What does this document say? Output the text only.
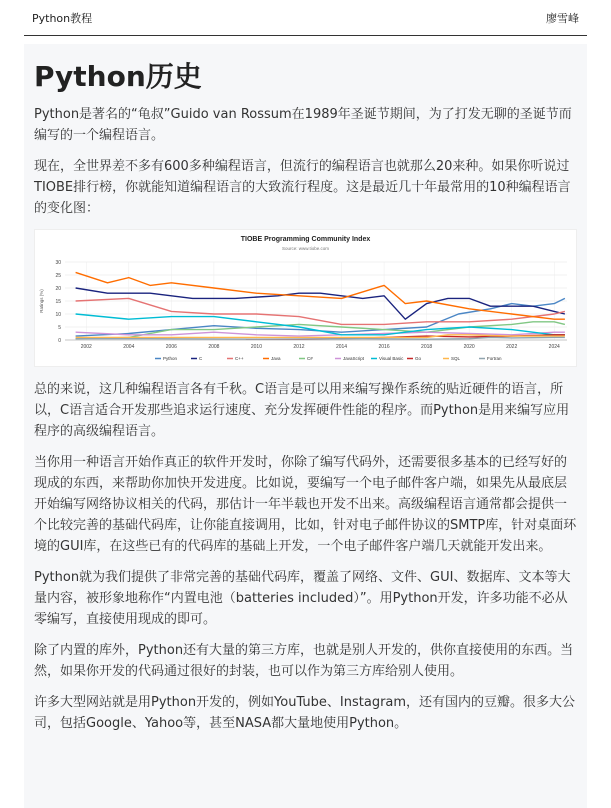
Python教程	廖雪峰
Python历史

Python是著名的“龟叔”Guido van Rossum在1989年圣诞节期间，为了打发无聊的圣诞节而编写的一个编程语言。

现在，全世界差不多有600多种编程语言，但流行的编程语言也就那么20来种。如果你听说过TIOBE排行榜，你就能知道编程语言的大致流行程度。这是最近几十年最常用的10种编程语言的变化图：

TIOBE Programming Community Index
Source: www.tiobe.com
Ratings (%)
0
5
10
15
20
25
30
2002	2004	2006	2008	2010	2012	2014	2016	2018	2020	2022	2024
Python	C	C++	Java	C#	JavaScript	Visual Basic	Go	SQL	Fortran

总的来说，这几种编程语言各有千秋。C语言是可以用来编写操作系统的贴近硬件的语言，所以，C语言适合开发那些追求运行速度、充分发挥硬件性能的程序。而Python是用来编写应用程序的高级编程语言。

当你用一种语言开始作真正的软件开发时，你除了编写代码外，还需要很多基本的已经写好的现成的东西，来帮助你加快开发进度。比如说，要编写一个电子邮件客户端，如果先从最底层开始编写网络协议相关的代码，那估计一年半载也开发不出来。高级编程语言通常都会提供一个比较完善的基础代码库，让你能直接调用，比如，针对电子邮件协议的SMTP库，针对桌面环境的GUI库，在这些已有的代码库的基础上开发，一个电子邮件客户端几天就能开发出来。

Python就为我们提供了非常完善的基础代码库，覆盖了网络、文件、GUI、数据库、文本等大量内容，被形象地称作“内置电池（batteries included）”。用Python开发，许多功能不必从零编写，直接使用现成的即可。

除了内置的库外，Python还有大量的第三方库，也就是别人开发的，供你直接使用的东西。当然，如果你开发的代码通过很好的封装，也可以作为第三方库给别人使用。

许多大型网站就是用Python开发的，例如YouTube、Instagram，还有国内的豆瓣。很多大公司，包括Google、Yahoo等，甚至NASA都大量地使用Python。
